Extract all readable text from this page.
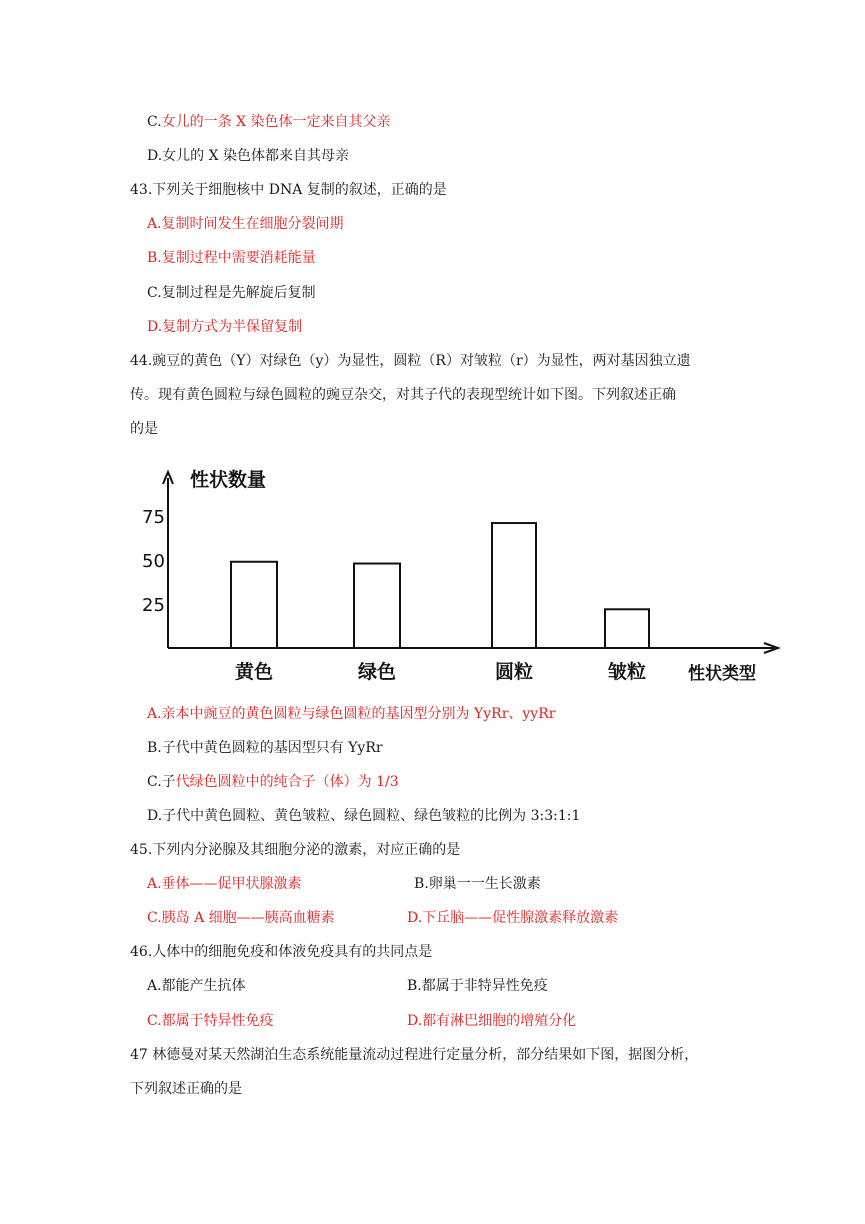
C.女儿的一条 X 染色体一定来自其父亲
D.女儿的 X 染色体都来自其母亲
43.下列关于细胞核中 DNA 复制的叙述，正确的是
A.复制时间发生在细胞分裂间期
B.复制过程中需要消耗能量
C.复制过程是先解旋后复制
D.复制方式为半保留复制
44.豌豆的黄色（Y）对绿色（y）为显性，圆粒（R）对皱粒（r）为显性，两对基因独立遗
传。现有黄色圆粒与绿色圆粒的豌豆杂交，对其子代的表现型统计如下图。下列叙述正确
的是
性状数量
性状类型
25
50
75
黄色	绿色	圆粒	皱粒
A.亲本中豌豆的黄色圆粒与绿色圆粒的基因型分别为 YyRr、yyRr
B.子代中黄色圆粒的基因型只有 YyRr
C.子代绿色圆粒中的纯合子（体）为 1/3
D.子代中黄色圆粒、黄色皱粒、绿色圆粒、绿色皱粒的比例为 3:3:1:1
45.下列内分泌腺及其细胞分泌的激素，对应正确的是
A.垂体——促甲状腺激素	B.卵巢一一生长激素
C.胰岛 A 细胞——胰高血糖素	D.下丘脑——促性腺激素释放激素
46.人体中的细胞免疫和体液免疫具有的共同点是
A.都能产生抗体	B.都属于非特异性免疫
C.都属于特异性免疫	D.都有淋巴细胞的增殖分化
47 林德曼对某天然湖泊生态系统能量流动过程进行定量分析，部分结果如下图，据图分析，
下列叙述正确的是
